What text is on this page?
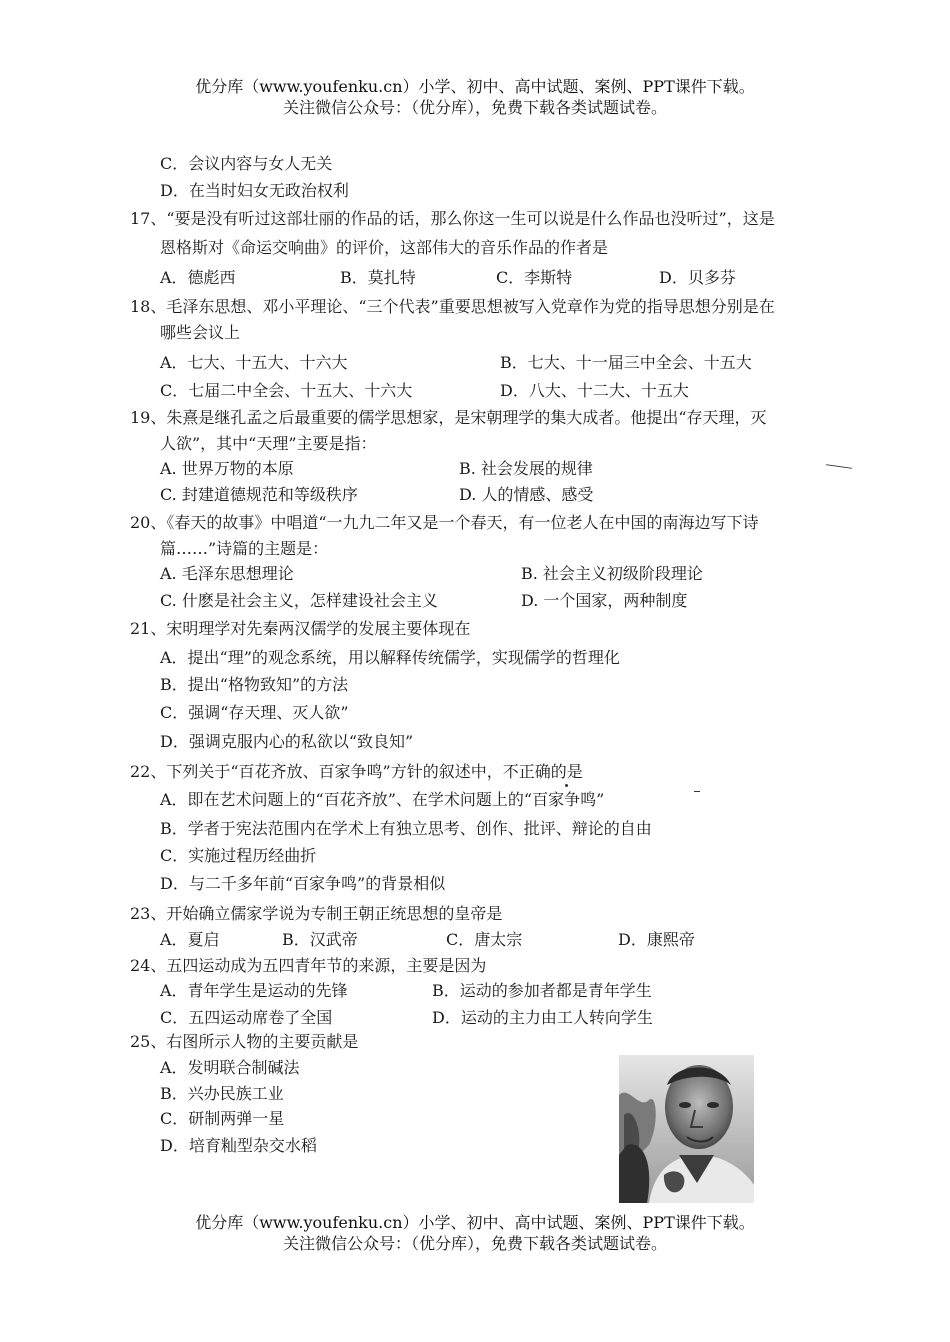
优分库（www.youfenku.cn）小学、初中、高中试题、案例、PPT课件下载。
关注微信公众号：（优分库），免费下载各类试题试卷。
C．会议内容与女人无关
D．在当时妇女无政治权利
17、“要是没有听过这部壮丽的作品的话，那么你这一生可以说是什么作品也没听过”，这是
恩格斯对《命运交响曲》的评价，这部伟大的音乐作品的作者是
A．德彪西	B．莫扎特	C．李斯特	D．贝多芬
18、毛泽东思想、邓小平理论、“三个代表”重要思想被写入党章作为党的指导思想分别是在
哪些会议上
A．七大、十五大、十六大	B．七大、十一届三中全会、十五大
C．七届二中全会、十五大、十六大	D．八大、十二大、十五大
19、朱熹是继孔孟之后最重要的儒学思想家，是宋朝理学的集大成者。他提出“存天理，灭
人欲”，其中“天理”主要是指：
A. 世界万物的本原	B. 社会发展的规律
C. 封建道德规范和等级秩序	D. 人的情感、感受
20、《春天的故事》中唱道“一九九二年又是一个春天，有一位老人在中国的南海边写下诗
篇……”诗篇的主题是：
A. 毛泽东思想理论	B. 社会主义初级阶段理论
C. 什麽是社会主义，怎样建设社会主义	D. 一个国家，两种制度
21、宋明理学对先秦两汉儒学的发展主要体现在
A．提出“理”的观念系统，用以解释传统儒学，实现儒学的哲理化
B．提出“格物致知”的方法
C．强调“存天理、灭人欲”
D．强调克服内心的私欲以“致良知”
22、下列关于“百花齐放、百家争鸣”方针的叙述中，不正确的是
A．即在艺术问题上的“百花齐放”、在学术问题上的“百家争鸣”
B．学者于宪法范围内在学术上有独立思考、创作、批评、辩论的自由
C．实施过程历经曲折
D．与二千多年前“百家争鸣”的背景相似
23、开始确立儒家学说为专制王朝正统思想的皇帝是
A．夏启	B．汉武帝	C．唐太宗	D．康熙帝
24、五四运动成为五四青年节的来源，主要是因为
A．青年学生是运动的先锋	B．运动的参加者都是青年学生
C．五四运动席卷了全国	D．运动的主力由工人转向学生
25、右图所示人物的主要贡献是
A．发明联合制碱法
B．兴办民族工业
C．研制两弹一星
D．培育籼型杂交水稻
优分库（www.youfenku.cn）小学、初中、高中试题、案例、PPT课件下载。
关注微信公众号：（优分库），免费下载各类试题试卷。
